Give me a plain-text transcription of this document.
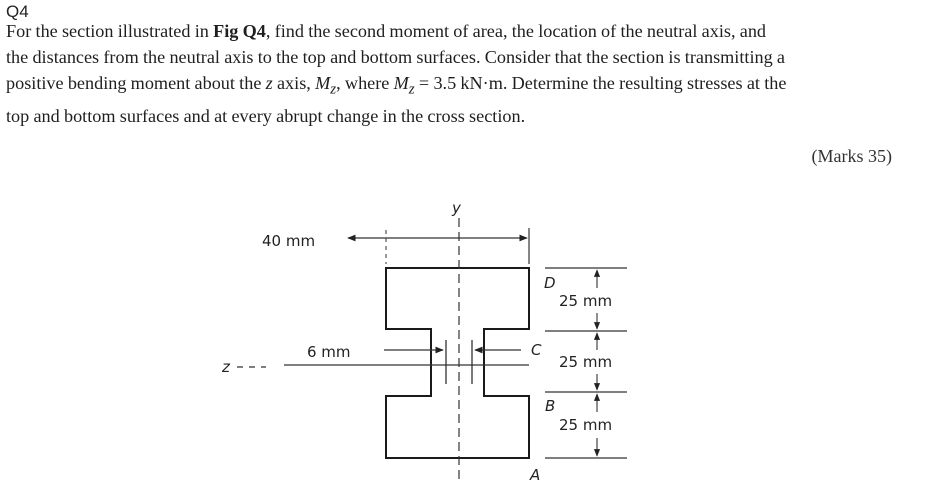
Q4
For the section illustrated in Fig Q4, find the second moment of area, the location of the neutral axis, and
the distances from the neutral axis to the top and bottom surfaces. Consider that the section is transmitting a
positive bending moment about the z axis, $M_z$, where $M_z = 3.5$ kN·m. Determine the resulting stresses at the
top and bottom surfaces and at every abrupt change in the cross section.
(Marks 35)
y
z
40 mm
6 mm
D
C
B
A
25 mm
25 mm
25 mm
